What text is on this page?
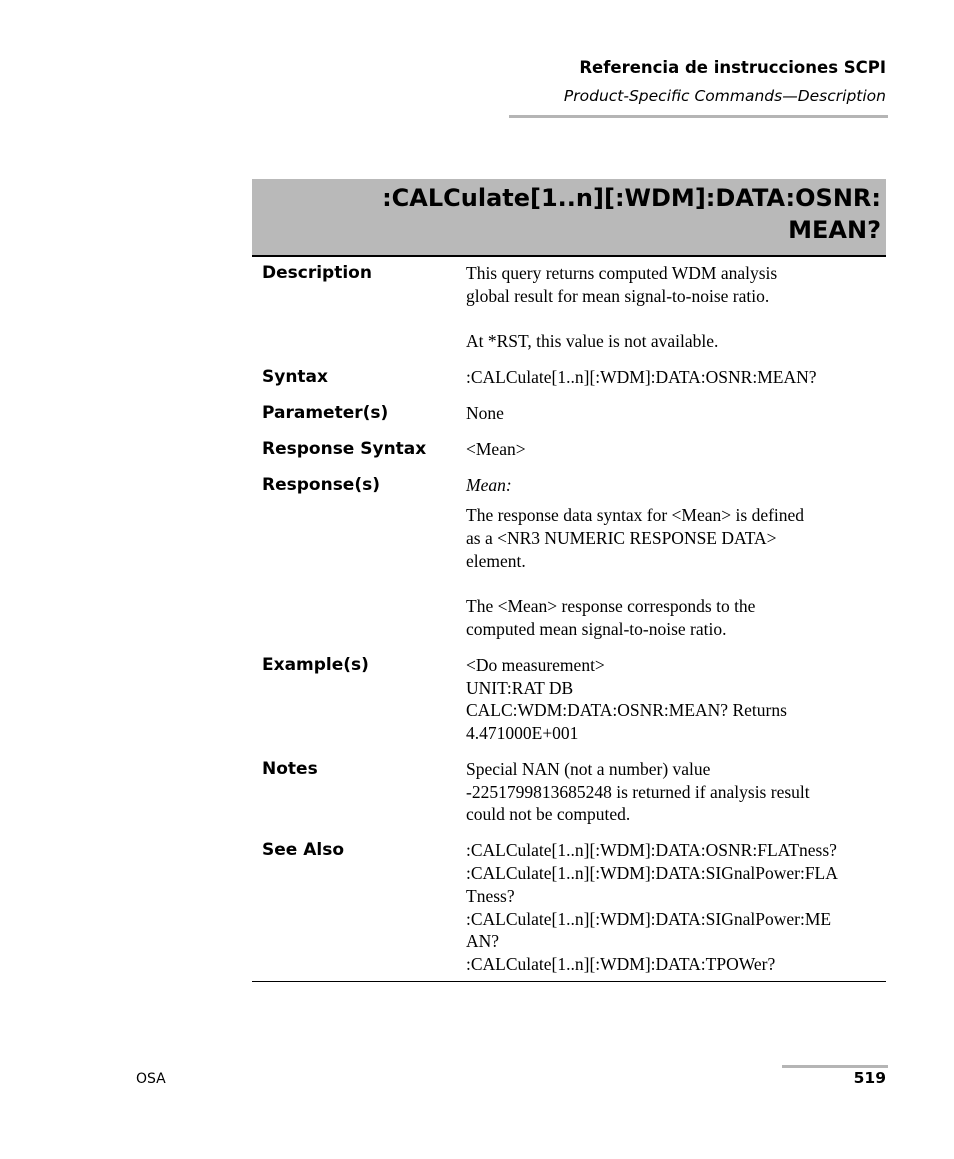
Referencia de instrucciones SCPI
Product-Specific Commands—Description
:CALCulate[1..n][:WDM]:DATA:OSNR:
MEAN?
Description	This query returns computed WDM analysis
global result for mean signal-to-noise ratio.
At *RST, this value is not available.
Syntax	:CALCulate[1..n][:WDM]:DATA:OSNR:MEAN?
Parameter(s)	None
Response Syntax <Mean>
Response(s)	Mean:
The response data syntax for <Mean> is defined
as a <NR3 NUMERIC RESPONSE DATA>
element.
The <Mean> response corresponds to the
computed mean signal-to-noise ratio.
Example(s)	<Do measurement>
UNIT:RAT DB
CALC:WDM:DATA:OSNR:MEAN? Returns
4.471000E+001
Notes	Special NAN (not a number) value
-2251799813685248 is returned if analysis result
could not be computed.
See Also	:CALCulate[1..n][:WDM]:DATA:OSNR:FLATness?
:CALCulate[1..n][:WDM]:DATA:SIGnalPower:FLA
Tness?
:CALCulate[1..n][:WDM]:DATA:SIGnalPower:ME
AN?
:CALCulate[1..n][:WDM]:DATA:TPOWer?
OSA	519
